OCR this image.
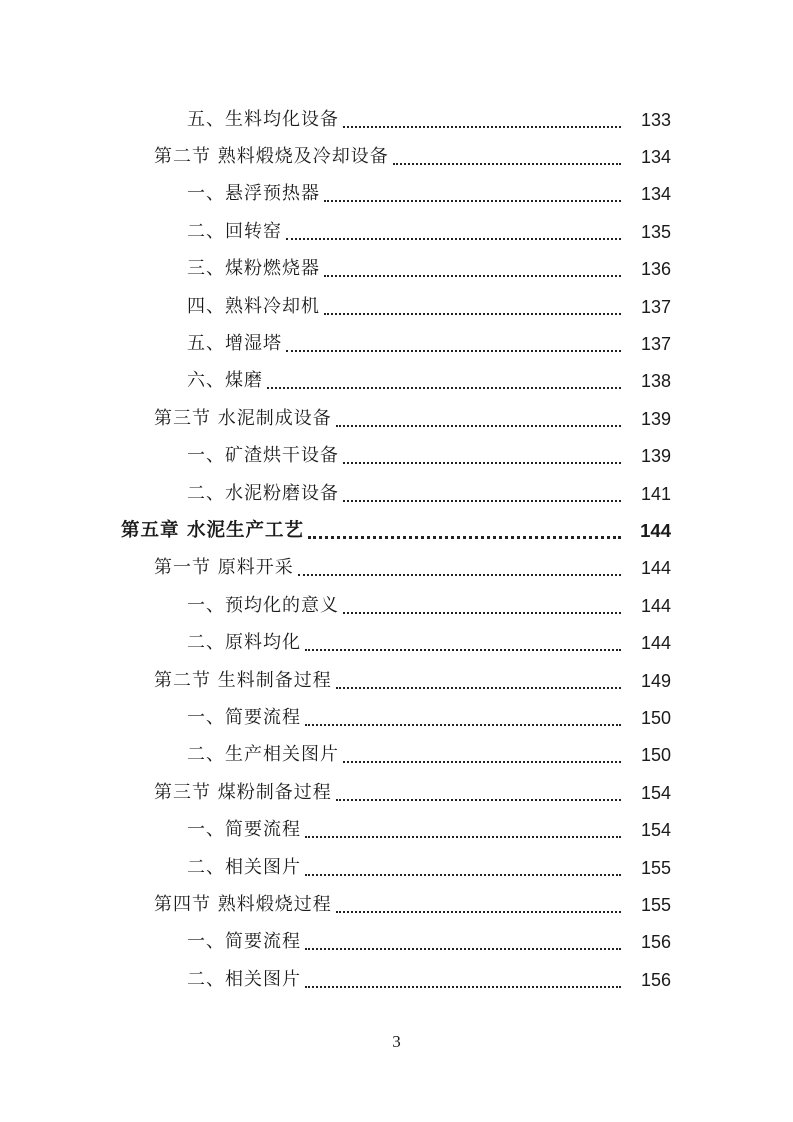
五、生料均化设备	133
第二节 熟料煅烧及冷却设备	134
一、悬浮预热器	134
二、回转窑	135
三、煤粉燃烧器	136
四、熟料冷却机	137
五、增湿塔	137
六、煤磨	138
第三节 水泥制成设备	139
一、矿渣烘干设备	139
二、水泥粉磨设备	141
第五章 水泥生产工艺	144
第一节 原料开采	144
一、预均化的意义	144
二、原料均化	144
第二节 生料制备过程	149
一、简要流程	150
二、生产相关图片	150
第三节 煤粉制备过程	154
一、简要流程	154
二、相关图片	155
第四节 熟料煅烧过程	155
一、简要流程	156
二、相关图片	156
3
